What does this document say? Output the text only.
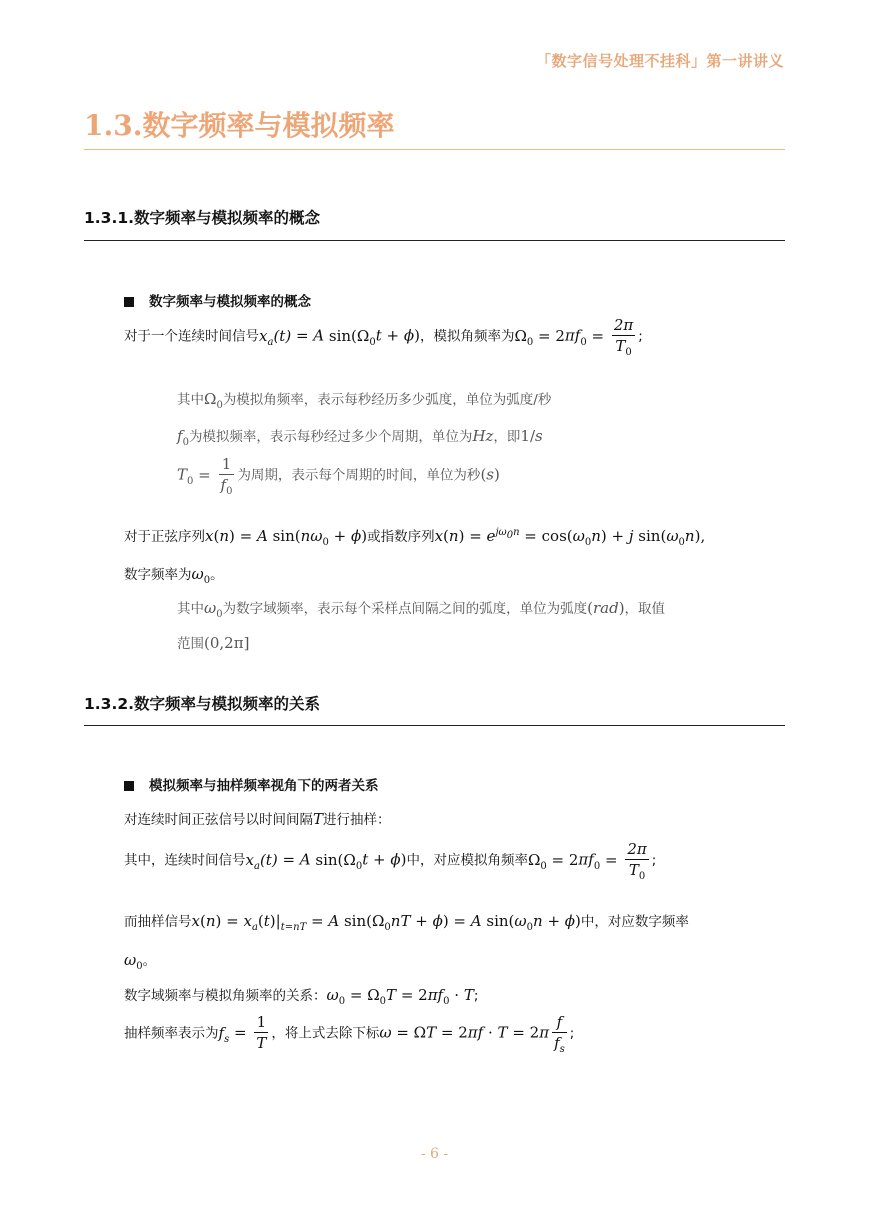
「数字信号处理不挂科」第一讲讲义
1.3.数字频率与模拟频率
1.3.1.数字频率与模拟频率的概念
数字频率与模拟频率的概念
对于一个连续时间信号$x_a(t) = A$ $\sin(\Omega_0t + \phi)$，模拟角频率为$\Omega_0 = 2\pi f_0 = \frac{2\pi}{T_0}$ ;
其中$\Omega_0$为模拟角频率，表示每秒经历多少弧度，单位为弧度/秒
$f_0$为模拟频率，表示每秒经过多少个周期，单位为Hz，即1/s
$T_0 = \frac{1}{f_0}$ 为周期，表示每个周期的时间，单位为秒(s)
对于正弦序列x(n) = A $\sin(n\omega_0 + \phi)$或指数序列$x(n) = e^{j\omega_0n} = \cos(\omega_0n) + j$ $\sin(\omega_0n)$,
数字频率为$\omega_0$。
其中$\omega_0$为数字域频率，表示每个采样点间隔之间的弧度，单位为弧度(rad)，取值
范围(0,2π]
1.3.2.数字频率与模拟频率的关系
模拟频率与抽样频率视角下的两者关系
对连续时间正弦信号以时间间隔T进行抽样：
其中，连续时间信号$x_a(t) = A$ $\sin(\Omega_0t + \phi)$中，对应模拟角频率$\Omega_0 = 2\pi f_0 = \frac{2\pi}{T_0}$ ;
而抽样信号$x(n) = x_a(t)|_{t=nT} = A$ $\sin(\Omega_0nT + \phi) = A$ $\sin(\omega_0n + \phi)$中，对应数字频率
$\omega_0$。
数字域频率与模拟角频率的关系：$\omega_0 = \Omega_0T = 2\pi f_0 \cdot T$;
抽样频率表示为$f_s = \frac{1}{T}$ ，将上式去除下标$\omega = \Omega T = 2\pi f \cdot T = 2\pi \frac{f}{f_s}$ ;
- 6 -
